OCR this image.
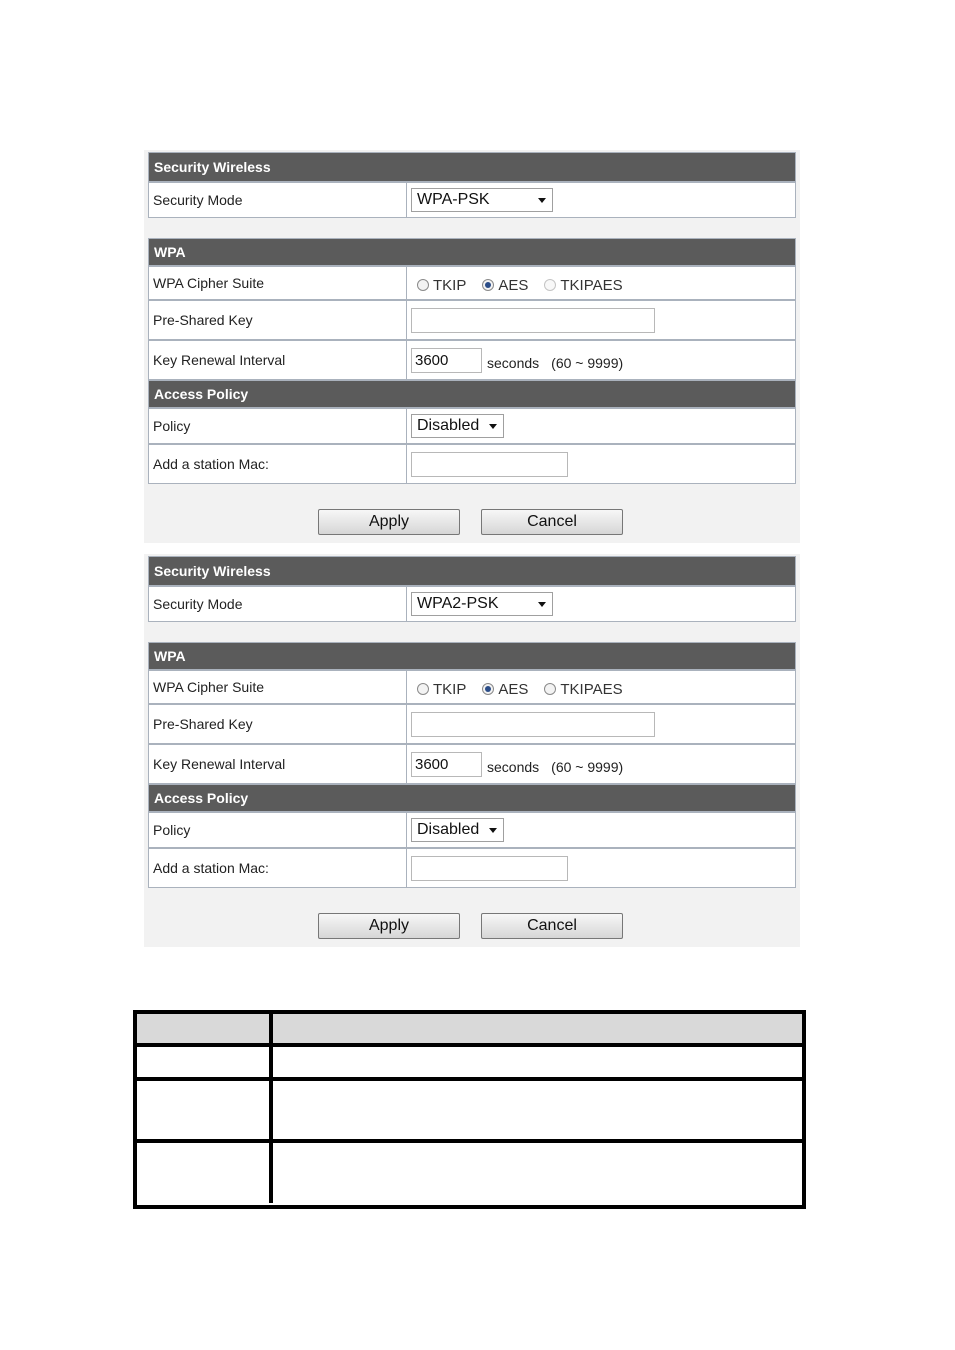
Security Wireless
Security Mode	WPA-PSK
WPA
WPA Cipher Suite	TKIP AES TKIPAES
Pre-Shared Key
Key Renewal Interval	3600	seconds (60 ~ 9999)
Access Policy
Policy	Disabled
Add a station Mac:
Apply	Cancel
Security Wireless
Security Mode	WPA2-PSK
WPA
WPA Cipher Suite	TKIP AES TKIPAES
Pre-Shared Key
Key Renewal Interval	3600	seconds (60 ~ 9999)
Access Policy
Policy	Disabled
Add a station Mac:
Apply	Cancel
